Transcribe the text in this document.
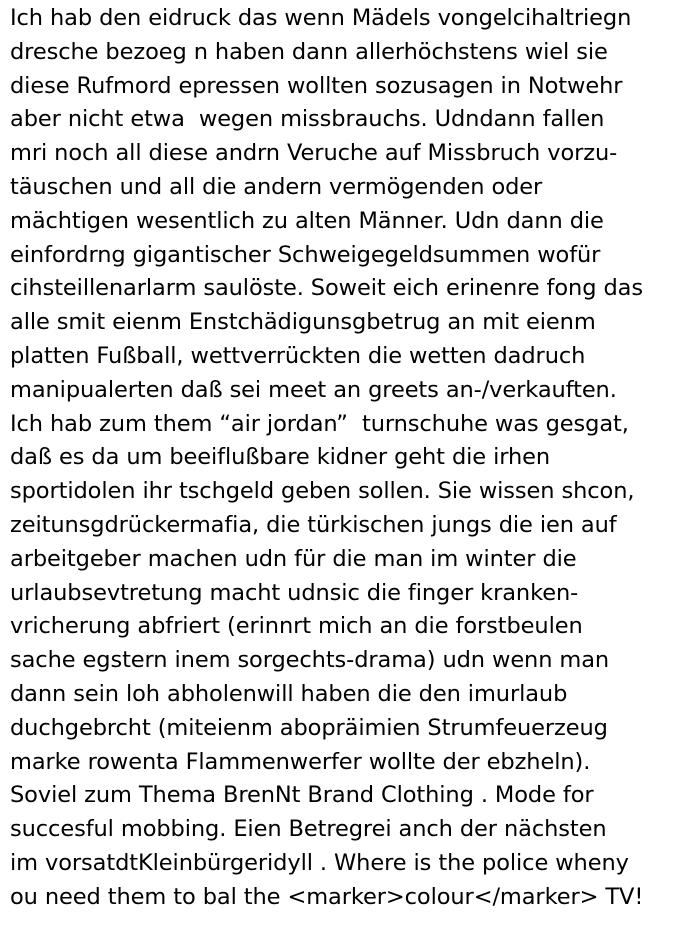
Ich hab den eidruck das wenn Mädels vongelcihaltriegn
dresche bezoeg n haben dann allerhöchstens wiel sie
diese Rufmord epressen wollten sozusagen in Notwehr
aber nicht etwa  wegen missbrauchs. Udndann fallen
mri noch all diese andrn Veruche auf Missbruch vorzu-
täuschen und all die andern vermögenden oder
mächtigen wesentlich zu alten Männer. Udn dann die
einfordrng gigantischer Schweigegeldsummen wofür
cihsteillenarlarm saulöste. Soweit eich erinenre fong das
alle smit eienm Enstchädigunsgbetrug an mit eienm
platten Fußball, wettverrückten die wetten dadruch
manipualerten daß sei meet an greets an-/verkauften.
Ich hab zum them “air jordan”  turnschuhe was gesgat,
daß es da um beeiflußbare kidner geht die irhen
sportidolen ihr tschgeld geben sollen. Sie wissen shcon,
zeitunsgdrückermafia, die türkischen jungs die ien auf
arbeitgeber machen udn für die man im winter die
urlaubsevtretung macht udnsic die finger kranken-
vricherung abfriert (erinnrt mich an die forstbeulen
sache egstern inem sorgechts-drama) udn wenn man
dann sein loh abholenwill haben die den imurlaub
duchgebrcht (miteienm abopräimien Strumfeuerzeug
marke rowenta Flammenwerfer wollte der ebzheln).
Soviel zum Thema BrenNt Brand Clothing . Mode for
succesful mobbing. Eien Betregrei anch der nächsten
im vorsatdtKleinbürgeridyll . Where is the police wheny
ou need them to bal the <marker>colour</marker> TV!
